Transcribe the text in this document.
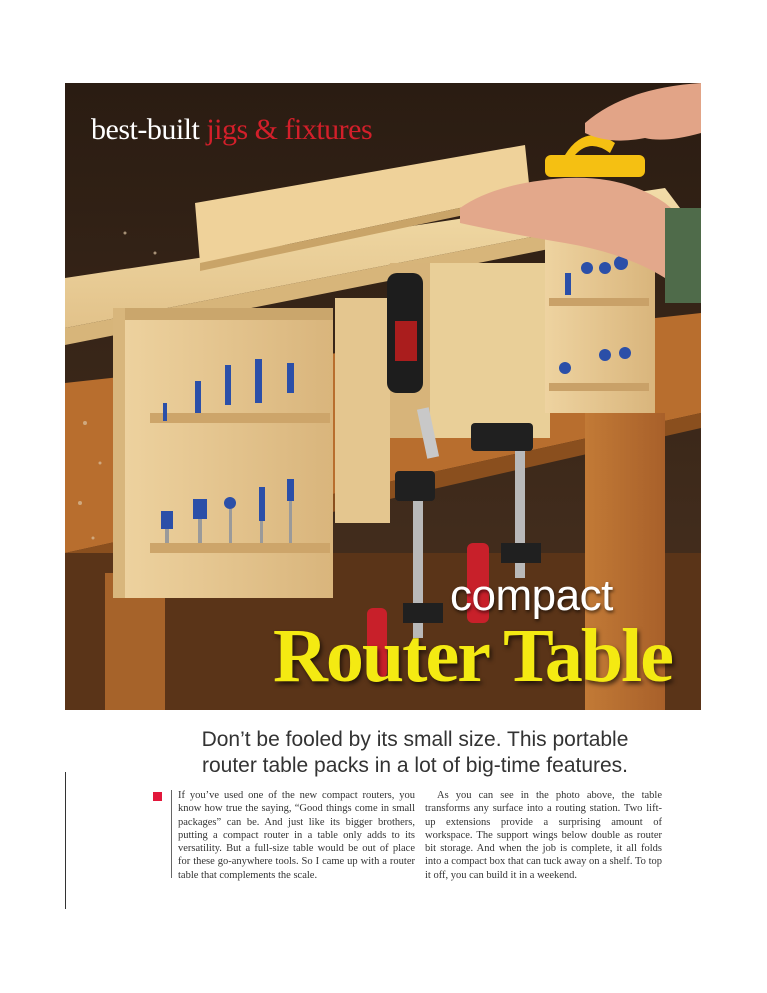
best-built jigs & fixtures
compact
Router Table
Don’t be fooled by its small size. This portable
router table packs in a lot of big-time features.
If you’ve used one of the new compact routers, you know how true the saying, “Good things come in small packages” can be. And just like its bigger brothers, putting a compact router in a table only adds to its versatility. But a full-size table would be out of place for these go-anywhere tools. So I came up with a router table that complements the scale.
As you can see in the photo above, the table transforms any surface into a routing station. Two lift-up extensions provide a surprising amount of workspace. The support wings below double as router bit storage. And when the job is complete, it all folds into a compact box that can tuck away on a shelf. To top it off, you can build it in a weekend.
